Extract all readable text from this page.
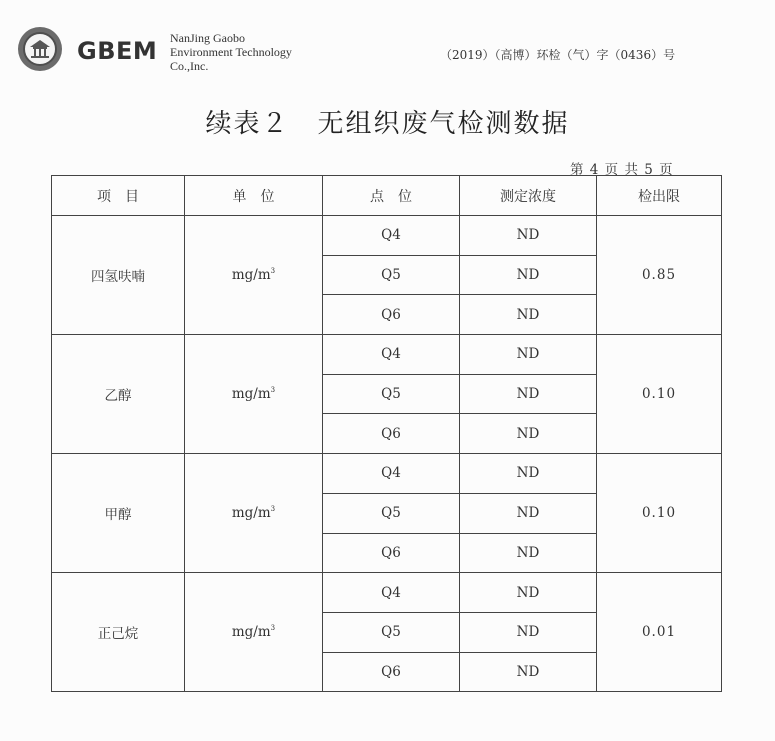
GBEM NanJing Gaobo
Environment Technology
Co.,Inc.
（2019）（高博）环检（气）字（0436）号
续表２　无组织废气检测数据
第 4 页 共 5 页
项　目	单　位	点　位	测定浓度	检出限
四氢呋喃	$mg/m^3$	Q4	ND	0.85
		Q5	ND	
		Q6	ND	
乙醇	$mg/m^3$	Q4	ND	0.10
		Q5	ND	
		Q6	ND	
甲醇	$mg/m^3$	Q4	ND	0.10
		Q5	ND	
		Q6	ND	
正己烷	$mg/m^3$	Q4	ND	0.01
		Q5	ND	
		Q6	ND	
